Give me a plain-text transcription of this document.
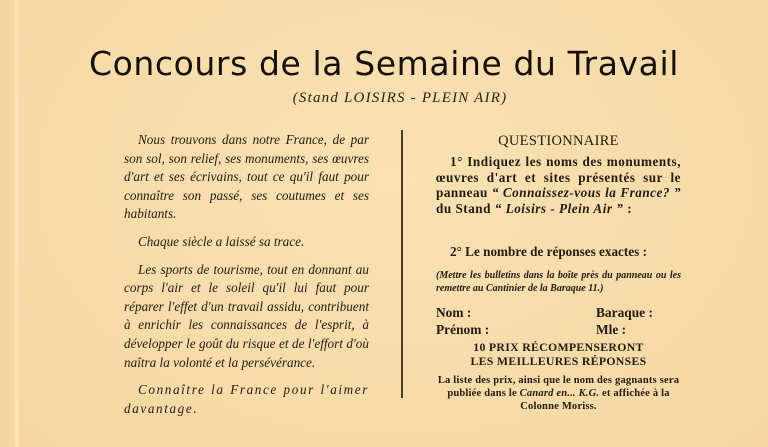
Concours de la Semaine du Travail
(Stand LOISIRS - PLEIN AIR)

Nous trouvons dans notre France, de par son sol, son relief, ses monuments, ses œuvres d'art et ses écrivains, tout ce qu'il faut pour connaître son passé, ses coutumes et ses habitants.

Chaque siècle a laissé sa trace.

Les sports de tourisme, tout en donnant au corps l'air et le soleil qu'il lui faut pour réparer l'effet d'un travail assidu, contribuent à enrichir les connaissances de l'esprit, à développer le goût du risque et de l'effort d'où naîtra la volonté et la persévérance.

Connaître la France pour l'aimer davantage.

QUESTIONNAIRE

1° Indiquez les noms des monuments, œuvres d'art et sites présentés sur le panneau “ Connaissez-vous la France? ” du Stand “ Loisirs - Plein Air ” :

2° Le nombre de réponses exactes :

(Mettre les bulletins dans la boîte près du panneau ou les remettre au Cantinier de la Baraque 11.)

Nom :	Baraque :
Prénom :	Mle :
10 PRIX RÉCOMPENSERONT
LES MEILLEURES RÉPONSES

La liste des prix, ainsi que le nom des gagnants sera publiée dans le Canard en... K.G. et affichée à la Colonne Moriss.
